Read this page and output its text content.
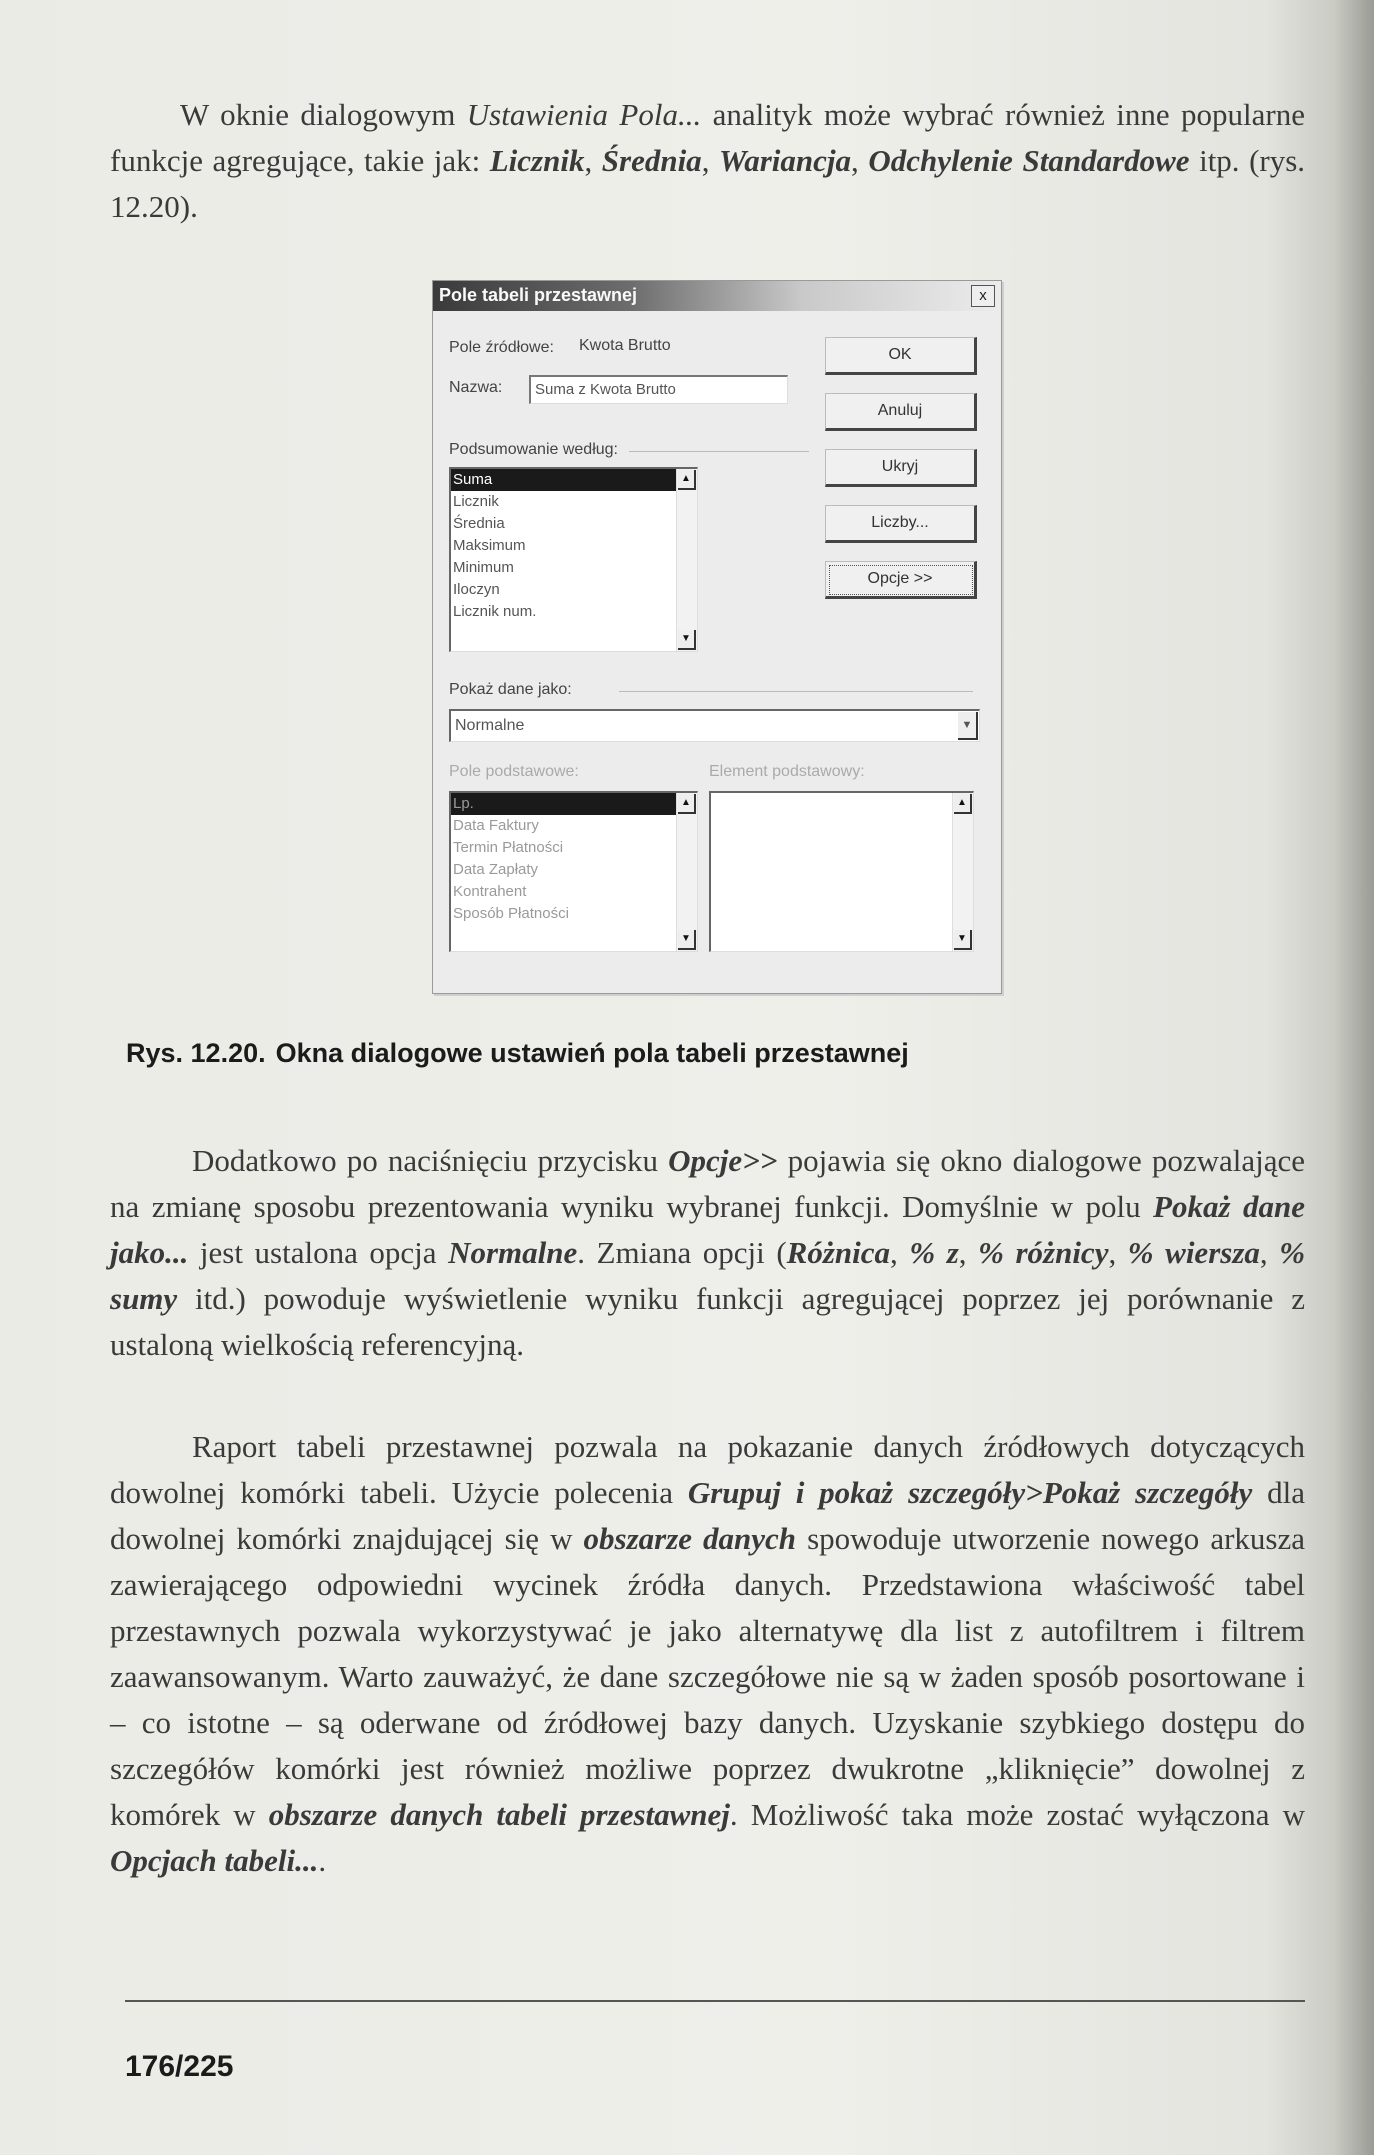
W oknie dialogowym Ustawienia Pola... analityk może wybrać również inne popularne funkcje agregujące, takie jak: Licznik, Średnia, Wariancja, Odchylenie Standardowe itp. (rys. 12.20).
Pole tabeli przestawnej	x
Pole źródłowe: Kwota Brutto
Nazwa:	Suma z Kwota Brutto
Podsumowanie według:
Suma
Licznik
Średnia
Maksimum
Minimum
Iloczyn
Licznik num.
▲
▼
Pokaż dane jako:
Normalne	▼
Pole podstawowe:	Element podstawowy:
Lp.
Data Faktury
Termin Płatności
Data Zapłaty
Kontrahent
Sposób Płatności
▲
▼
▲
▼
OK
Anuluj
Ukryj
Liczby...
Opcje >>
Rys. 12.20. Okna dialogowe ustawień pola tabeli przestawnej
Dodatkowo po naciśnięciu przycisku Opcje>> pojawia się okno dialogowe pozwalające na zmianę sposobu prezentowania wyniku wybranej funkcji. Domyślnie w polu Pokaż dane jako... jest ustalona opcja Normalne. Zmiana opcji (Różnica, % z, % różnicy, % wiersza, % sumy itd.) powoduje wyświetlenie wyniku funkcji agregującej poprzez jej porównanie z ustaloną wielkością referencyjną.
Raport tabeli przestawnej pozwala na pokazanie danych źródłowych dotyczących dowolnej komórki tabeli. Użycie polecenia Grupuj i pokaż szczegóły>Pokaż szczegóły dla dowolnej komórki znajdującej się w obszarze danych spowoduje utworzenie nowego arkusza zawierającego odpowiedni wycinek źródła danych. Przedstawiona właściwość tabel przestawnych pozwala wykorzystywać je jako alternatywę dla list z autofiltrem i filtrem zaawansowanym. Warto zauważyć, że dane szczegółowe nie są w żaden sposób posortowane i – co istotne – są oderwane od źródłowej bazy danych. Uzyskanie szybkiego dostępu do szczegółów komórki jest również możliwe poprzez dwukrotne „kliknięcie” dowolnej z komórek w obszarze danych tabeli przestawnej. Możliwość taka może zostać wyłączona w Opcjach tabeli....
176/225
